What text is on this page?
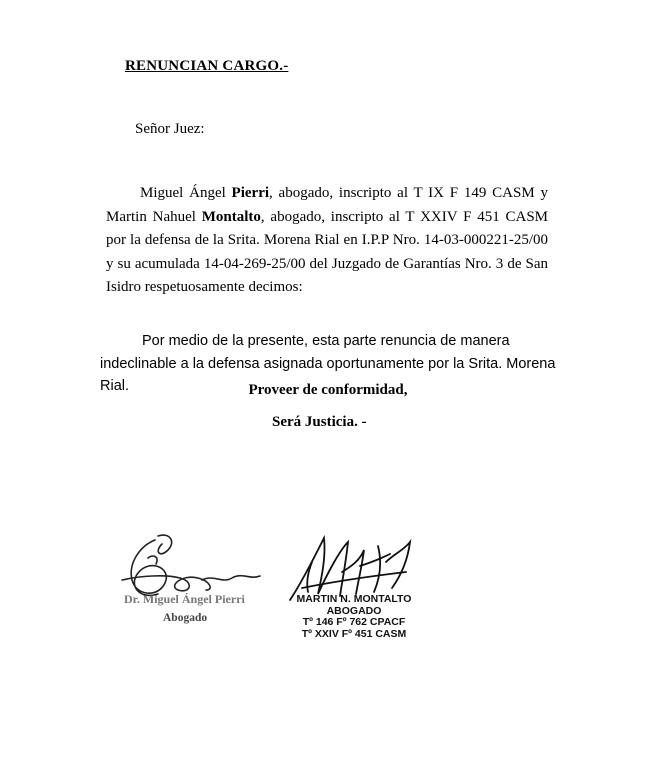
RENUNCIAN CARGO.-
Señor Juez:
Miguel Ángel Pierri, abogado, inscripto al T IX F 149 CASM y Martin Nahuel Montalto, abogado, inscripto al T XXIV F 451 CASM por la defensa de la Srita. Morena Rial en I.P.P Nro. 14-03-000221-25/00 y su acumulada 14-04-269-25/00 del Juzgado de Garantías Nro. 3 de San Isidro respetuosamente decimos:
Por medio de la presente, esta parte renuncia de manera indeclinable a la defensa asignada oportunamente por la Srita. Morena Rial.	Proveer de conformidad,
Será Justicia. -
Dr. Miguel Ángel Pierri
Abogado
MARTIN N. MONTALTO
ABOGADO
Tº 146 Fº 762 CPACF
Tº XXIV Fº 451 CASM
